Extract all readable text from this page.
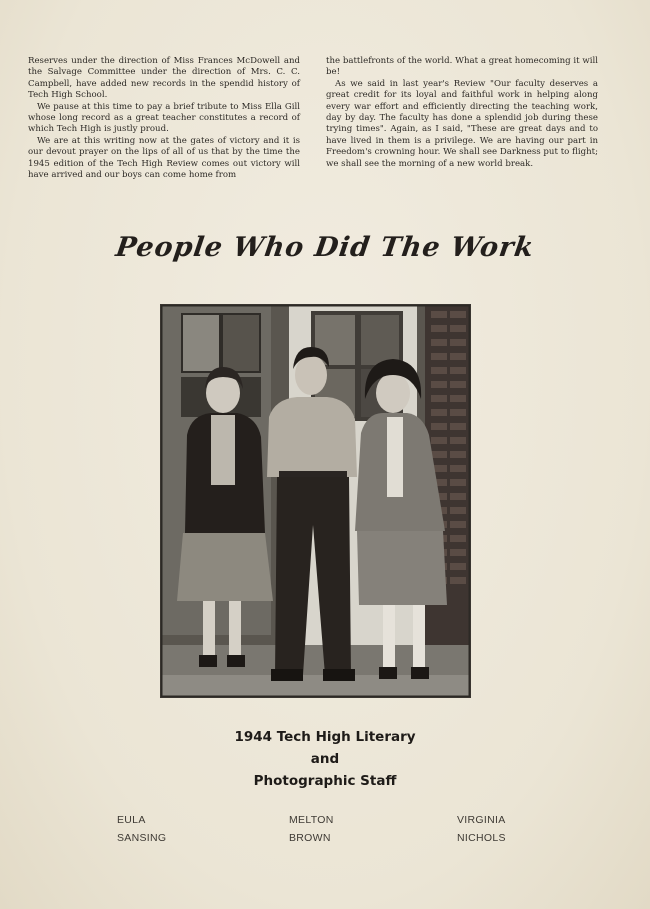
Reserves under the direction of Miss Frances McDowell and the Salvage Committee under the direction of Mrs. C. C. Campbell, have added new records in the spendid history of Tech High School.

We pause at this time to pay a brief tribute to Miss Ella Gill whose long record as a great teacher constitutes a record of which Tech High is justly proud.

We are at this writing now at the gates of victory and it is our devout prayer on the lips of all of us that by the time the 1945 edition of the Tech High Review comes out victory will have arrived and our boys can come home from

the battlefronts of the world. What a great homecoming it will be!

As we said in last year's Review "Our faculty deserves a great credit for its loyal and faithful work in helping along every war effort and efficiently directing the teaching work, day by day. The faculty has done a splendid job during these trying times". Again, as I said, "These are great days and to have lived in them is a privilege. We are having our part in Freedom's crowning hour. We shall see Darkness put to flight; we shall see the morning of a new world break.

People Who Did The Work
1944 Tech High Literary
and
Photographic Staff
EULA
SANSING
MELTON
BROWN
VIRGINIA
NICHOLS
